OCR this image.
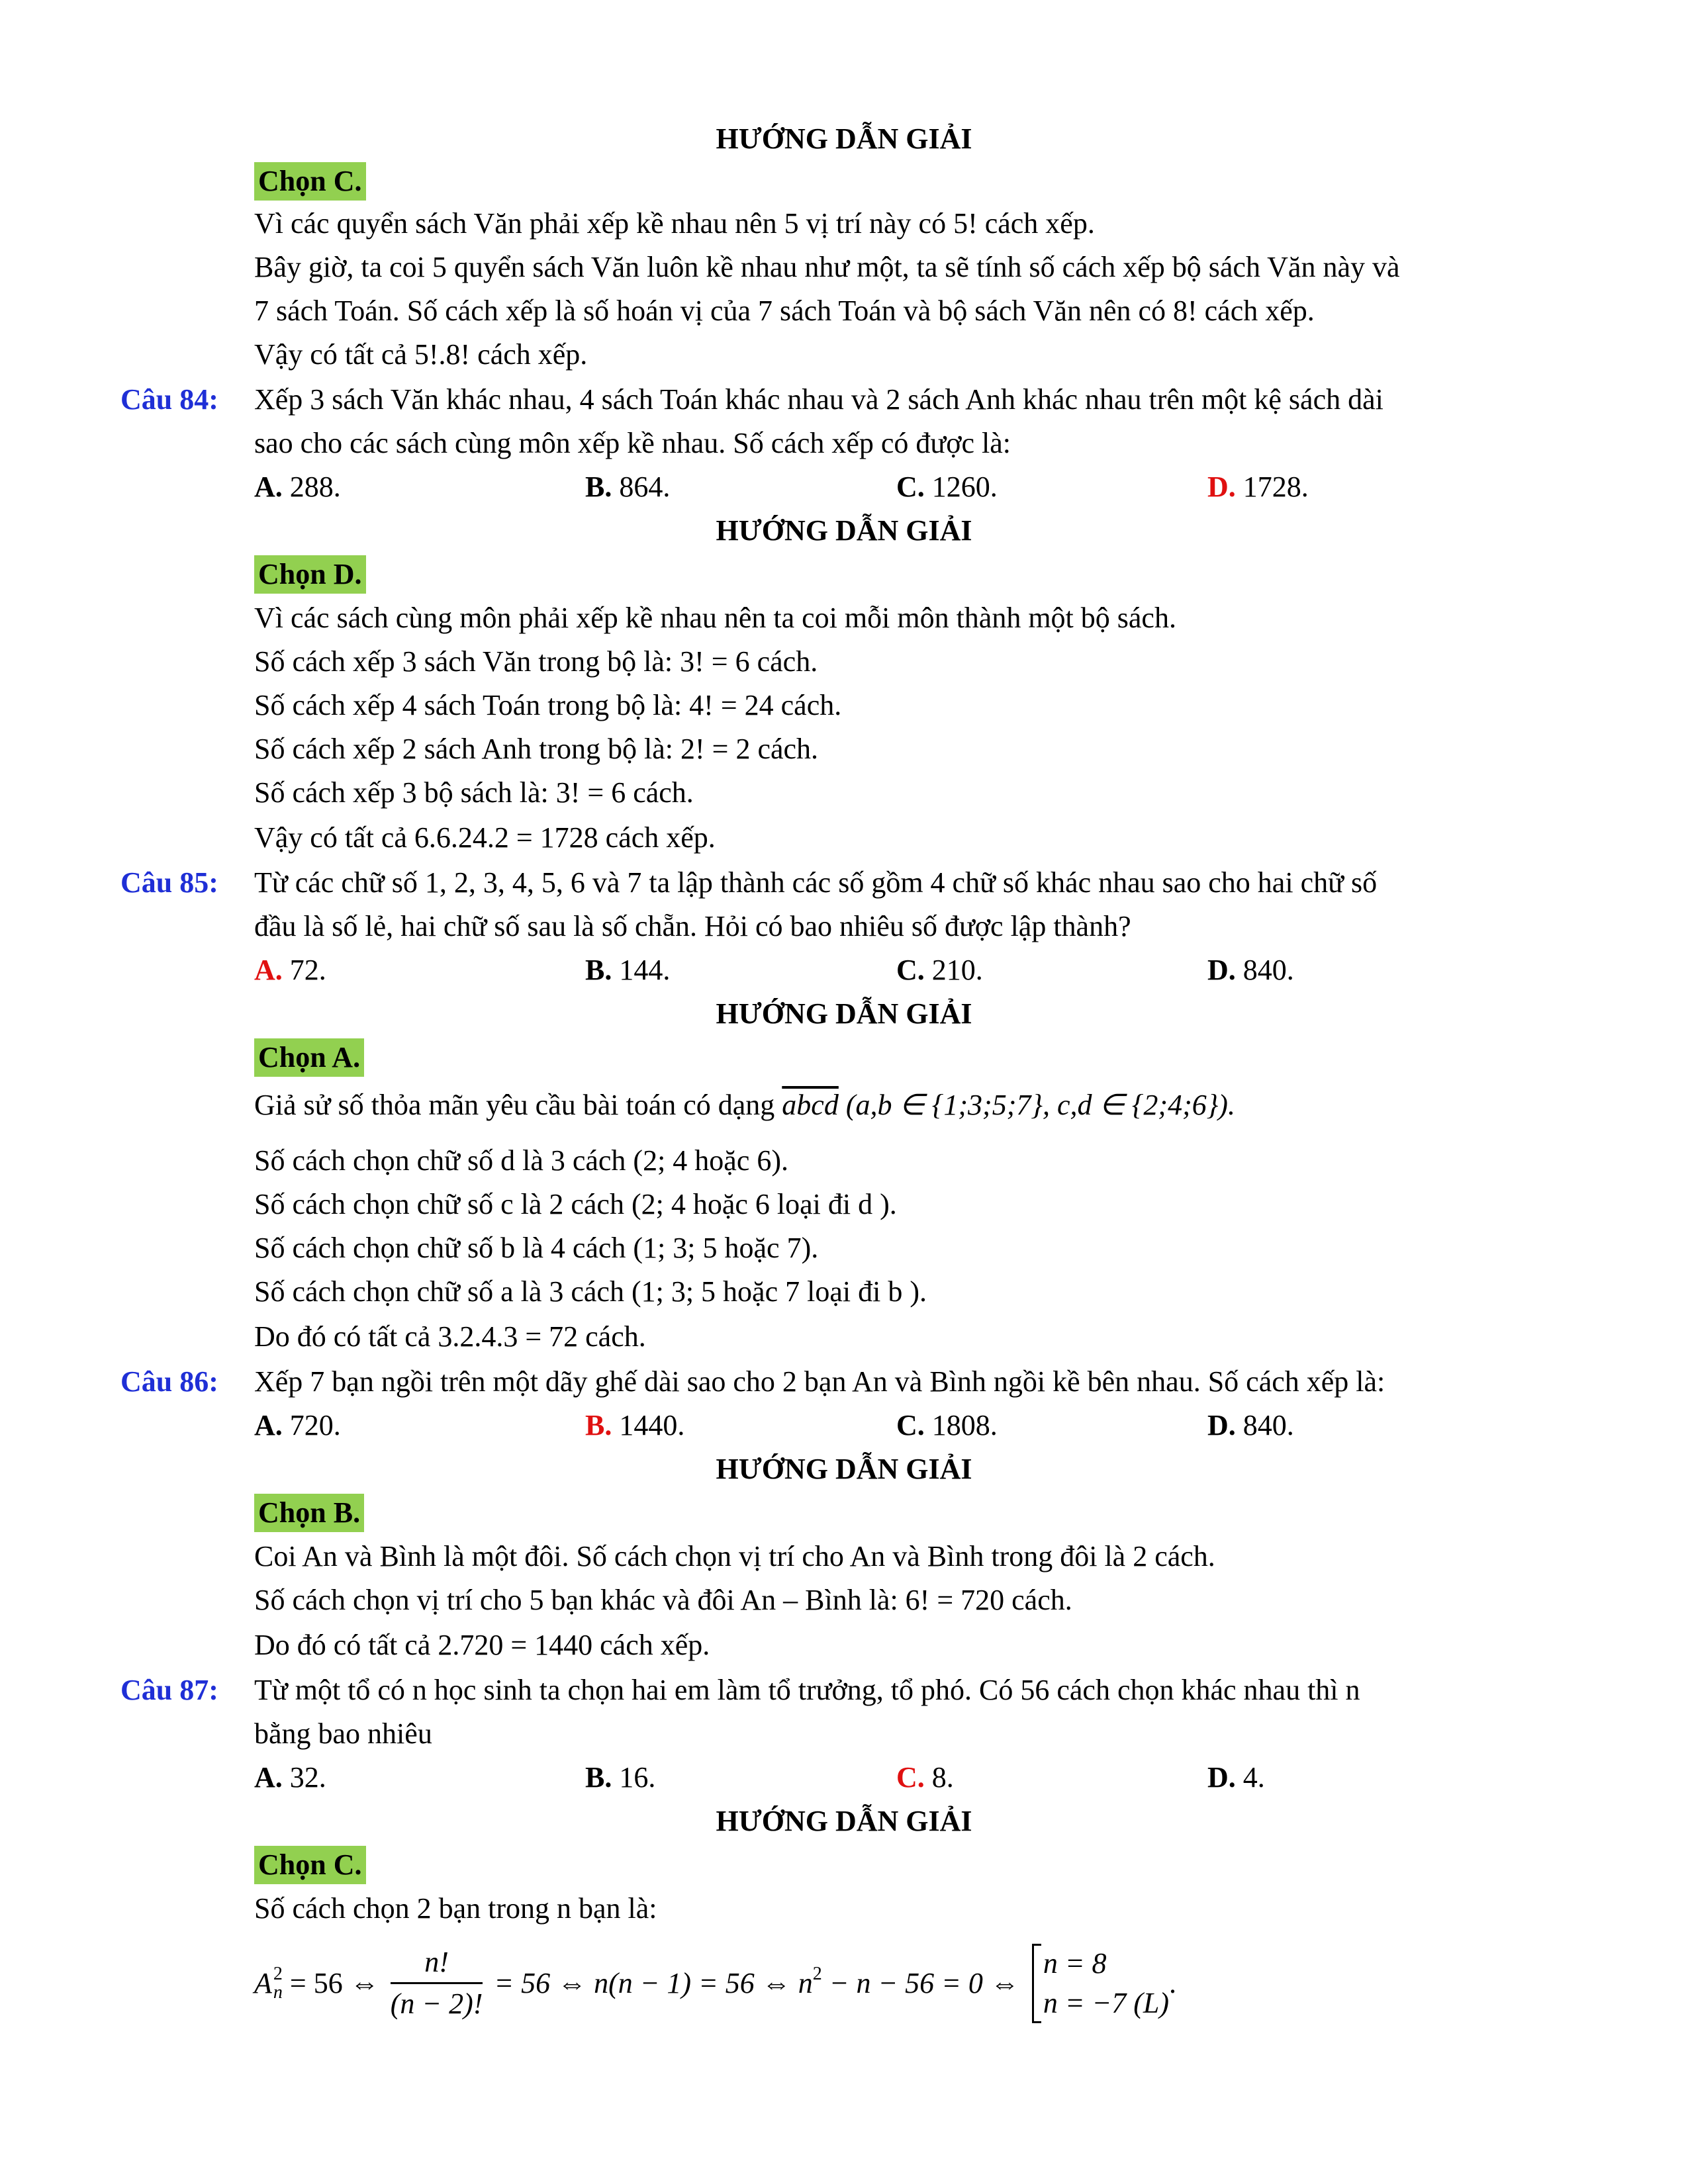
HƯỚNG DẪN GIẢI
Chọn C.
Vì các quyển sách Văn phải xếp kề nhau nên 5 vị trí này có 5! cách xếp.
Bây giờ, ta coi 5 quyển sách Văn luôn kề nhau như một, ta sẽ tính số cách xếp bộ sách Văn này và
7 sách Toán. Số cách xếp là số hoán vị của 7 sách Toán và bộ sách Văn nên có 8! cách xếp.
Vậy có tất cả 5!.8! cách xếp.
Câu 84: Xếp 3 sách Văn khác nhau, 4 sách Toán khác nhau và 2 sách Anh khác nhau trên một kệ sách dài
sao cho các sách cùng môn xếp kề nhau. Số cách xếp có được là:
A. 288.	B. 864.	C. 1260.	D. 1728.
HƯỚNG DẪN GIẢI
Chọn D.
Vì các sách cùng môn phải xếp kề nhau nên ta coi mỗi môn thành một bộ sách.
Số cách xếp 3 sách Văn trong bộ là: 3! = 6 cách.
Số cách xếp 4 sách Toán trong bộ là: 4! = 24 cách.
Số cách xếp 2 sách Anh trong bộ là: 2! = 2 cách.
Số cách xếp 3 bộ sách là: 3! = 6 cách.
Vậy có tất cả 6.6.24.2 = 1728 cách xếp.
Câu 85: Từ các chữ số 1, 2, 3, 4, 5, 6 và 7 ta lập thành các số gồm 4 chữ số khác nhau sao cho hai chữ số
đầu là số lẻ, hai chữ số sau là số chẵn. Hỏi có bao nhiêu số được lập thành?
A. 72.	B. 144.	C. 210.	D. 840.
HƯỚNG DẪN GIẢI
Chọn A.
Giả sử số thỏa mãn yêu cầu bài toán có dạng abcd (a,b ∈ {1;3;5;7}, c,d ∈ {2;4;6}).
Số cách chọn chữ số d là 3 cách (2; 4 hoặc 6).
Số cách chọn chữ số c là 2 cách (2; 4 hoặc 6 loại đi d ).
Số cách chọn chữ số b là 4 cách (1; 3; 5 hoặc 7).
Số cách chọn chữ số a là 3 cách (1; 3; 5 hoặc 7 loại đi b ).
Do đó có tất cả 3.2.4.3 = 72 cách.
Câu 86: Xếp 7 bạn ngồi trên một dãy ghế dài sao cho 2 bạn An và Bình ngồi kề bên nhau. Số cách xếp là:
A. 720.	B. 1440.	C. 1808.	D. 840.
HƯỚNG DẪN GIẢI
Chọn B.
Coi An và Bình là một đôi. Số cách chọn vị trí cho An và Bình trong đôi là 2 cách.
Số cách chọn vị trí cho 5 bạn khác và đôi An – Bình là: 6! = 720 cách.
Do đó có tất cả 2.720 = 1440 cách xếp.
Câu 87: Từ một tổ có n học sinh ta chọn hai em làm tổ trưởng, tổ phó. Có 56 cách chọn khác nhau thì n
bằng bao nhiêu
A. 32.	B. 16.	C. 8.	D. 4.
HƯỚNG DẪN GIẢI
Chọn C.
Số cách chọn 2 bạn trong n bạn là:
A 2
n = 56 ⇔ $\frac{n!}{(n - 2)!} = 56$ ⇔ n(n − 1) = 56 ⇔ $n^2 - n - 56 = 0$ ⇔
n = 8
n = −7 (L)
.
